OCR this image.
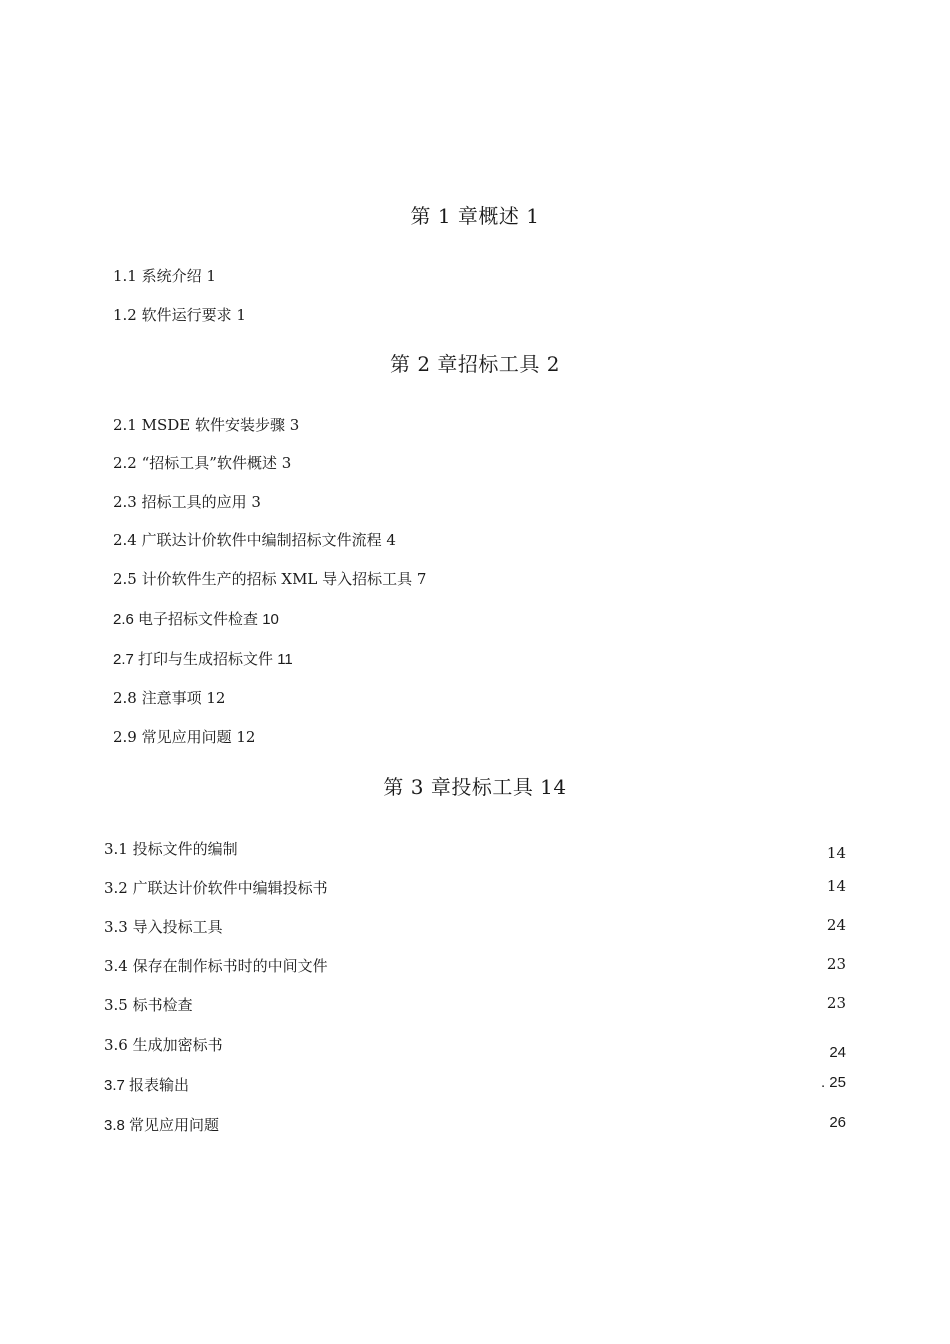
第 1 章概述 1
1.1 系统介绍 1
1.2 软件运行要求 1
第 2 章招标工具 2
2.1 MSDE 软件安装步骤 3
2.2 “招标工具”软件概述 3
2.3 招标工具的应用 3
2.4 广联达计价软件中编制招标文件流程 4
2.5 计价软件生产的招标 XML 导入招标工具 7
2.6 电子招标文件检查 10
2.7 打印与生成招标文件 11
2.8 注意事项 12
2.9 常见应用问题 12
第 3 章投标工具 14
3.1 投标文件的编制	14
3.2 广联达计价软件中编辑投标书	14
3.3 导入投标工具	24
3.4 保存在制作标书时的中间文件	23
3.5 标书检查	23
3.6 生成加密标书	24
3.7 报表输出	. 25
3.8 常见应用问题	26
